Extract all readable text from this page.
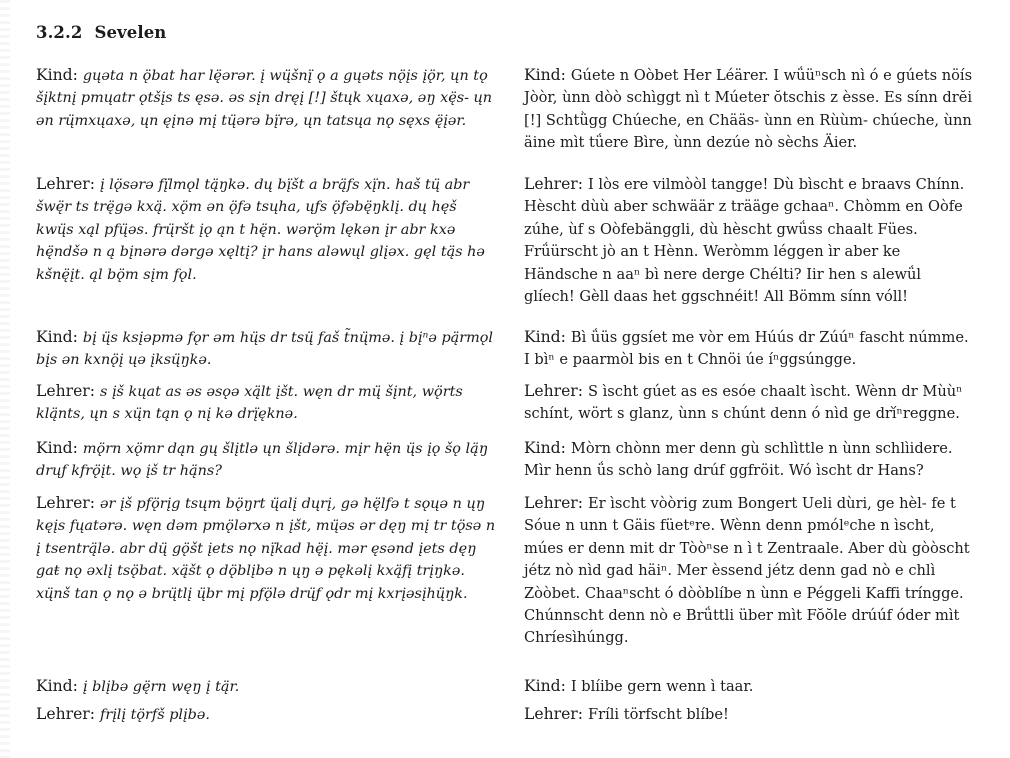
3.2.2 Sevelen
Kind: gųəta n ǫ̈bat har lę̈ərər. į wų̈šnį̈ ǫ a gųəts nǫ̈įs įǫ̈r, ųn tǫ šįktnį pmųatr ǫtšįs ts ęsə. əs sįn dręį [!] štųk xųaxə, əŋ xę̈s- ųn ən rų̈mxųaxə, ųn ęįnə mį tų̈ərə bį̈rə, ųn tatsųa nǫ sęxs ę̈įər.
Lehrer: į lǫ̈sərə fį̈lmǫl tą̈ŋkə. dų bį̈št a brą̈fs xį̈n. haš tų̈ abr šwę̈r ts trę̈gə kxą̈. xǫ̈m ən ǫ̈fə tsųha, ųfs ǫ̈fəbę̈ŋklį. dų hęš kwų̈s xąl pfų̈əs. frų̈ršt įǫ ąn t hę̈n. wərǫ̈m lękən įr abr kxə hę̈ndšə n ą bįnərə dərgə xęltį? įr hans aləwųl glįəx. gęl tą̈s hə kšnę̈įt. ąl bǫ̈m sįm fǫl.
Kind: bį ų̈s ksįəpmə fǫr əm hų̈s dr tsų̈ faš t̃nų̈mə. į bįⁿə pą̈rmǫl bįs ən kxnǫ̈į ųə įksų̈ŋkə.
Lehrer: s įš kųat as əs əsǫə xą̈lt įšt. węn dr mų̈ šįnt, wǫ̈rts klą̈nts, ųn s xų̈n tąn ǫ nį kə drį̈ęknə.
Kind: mǫ̈rn xǫ̈mr dąn gų šlįtlə ųn šlįdərə. mįr hę̈n ų̈s įǫ šǫ lą̈ŋ drųf kfrǫ̈įt. wǫ įš tr hą̈ns?
Lehrer: ər įš pfǫ̈rįg tsųm bǫ̈ŋrt ų̈alį dųrį, gə hę̈lfə t sǫųə n ųŋ kęįs fųatərə. węn dəm pmǫ̈lərxə n įšt, mų̈əs ər dęŋ mį tr tǫ̈sə n į tsentrą̈lə. abr dų̈ gǫ̈št įets nǫ nį̈kad hę̈į. mər ęsənd įets dęŋ gaŧ nǫ əxlį tsǫ̈bat. xą̈št ǫ dǫ̈blįbə n ųŋ ə pękəlį kxą̈fį trįŋkə. xų̈nš tan ǫ nǫ ə brų̈tlį ų̈br mį pfǫ̈lə drų̈f ǫdr mį kxrįəsįhų̈ŋk.
Kind: į blįbə gę̈rn węŋ į tą̈r.
Lehrer: frįlį tǫ̈rfš plįbə.
Kind: Gúete n Oòbet Her Léärer. I wǘüⁿsch nì ó e gúets nöís Jòòr, ùnn dòò schìggt nì t Múeter ŏtschis z èsse. Es sínn drĕi [!] Schtǜgg Chúeche, en Chääs- ùnn en Rùùm- chúeche, ùnn äine mìt tǘere Bìre, ùnn dezúe nò sèchs Äier.
Lehrer: I lòs ere vilmòòl tangge! Dù bìscht e braavs Chínn. Hèscht dùù aber schwäär z trääge gchaaⁿ. Chòmm en Oòfe zúhe, ùf s Oòfebänggli, dù hèscht gwǘss chaalt Fües. Frǘürscht jò an t Hènn. Weròmm léggen ìr aber ke Händsche n aaⁿ bì nere derge Chélti? Iir hen s alewǘl glíech! Gèll daas het ggschnéit! All Bömm sínn vóll!
Kind: Bì ǘüs ggsíet me vòr em Húús dr Zúúⁿ fascht númme. I bìⁿ e paarmòl bis en t Chnöi úe íⁿggsúngge.
Lehrer: S ìscht gúet as es esóe chaalt ìscht. Wènn dr Mùùⁿ schínt, wört s glanz, ùnn s chúnt denn ó nìd ge drí̀ⁿreggne.
Kind: Mòrn chònn mer denn gù schlìttle n ùnn schlìidere. Mìr henn ǘs schò lang drúf ggfröit. Wó ìscht dr Hans?
Lehrer: Er ìscht vòòrig zum Bongert Ueli dùri, ge hèl- fe t Sóue n unn t Gäis füetᵉre. Wènn denn pmólᵉche n ìscht, múes er denn mit dr Tòòⁿse n ì t Zentraale. Aber dù gòòscht jétz nò nìd gad häiⁿ. Mer èssend jétz denn gad nò e chlì Zòòbet. Chaaⁿscht ó dòòblíbe n ùnn e Péggeli Kaffi tríngge. Chúnnscht denn nò e Brǘttli über mìt Fŏŏle drúúf óder mìt Chríesìhúngg.
Kind: I blíibe gern wenn ì taar.
Lehrer: Fríli törfscht blíbe!
